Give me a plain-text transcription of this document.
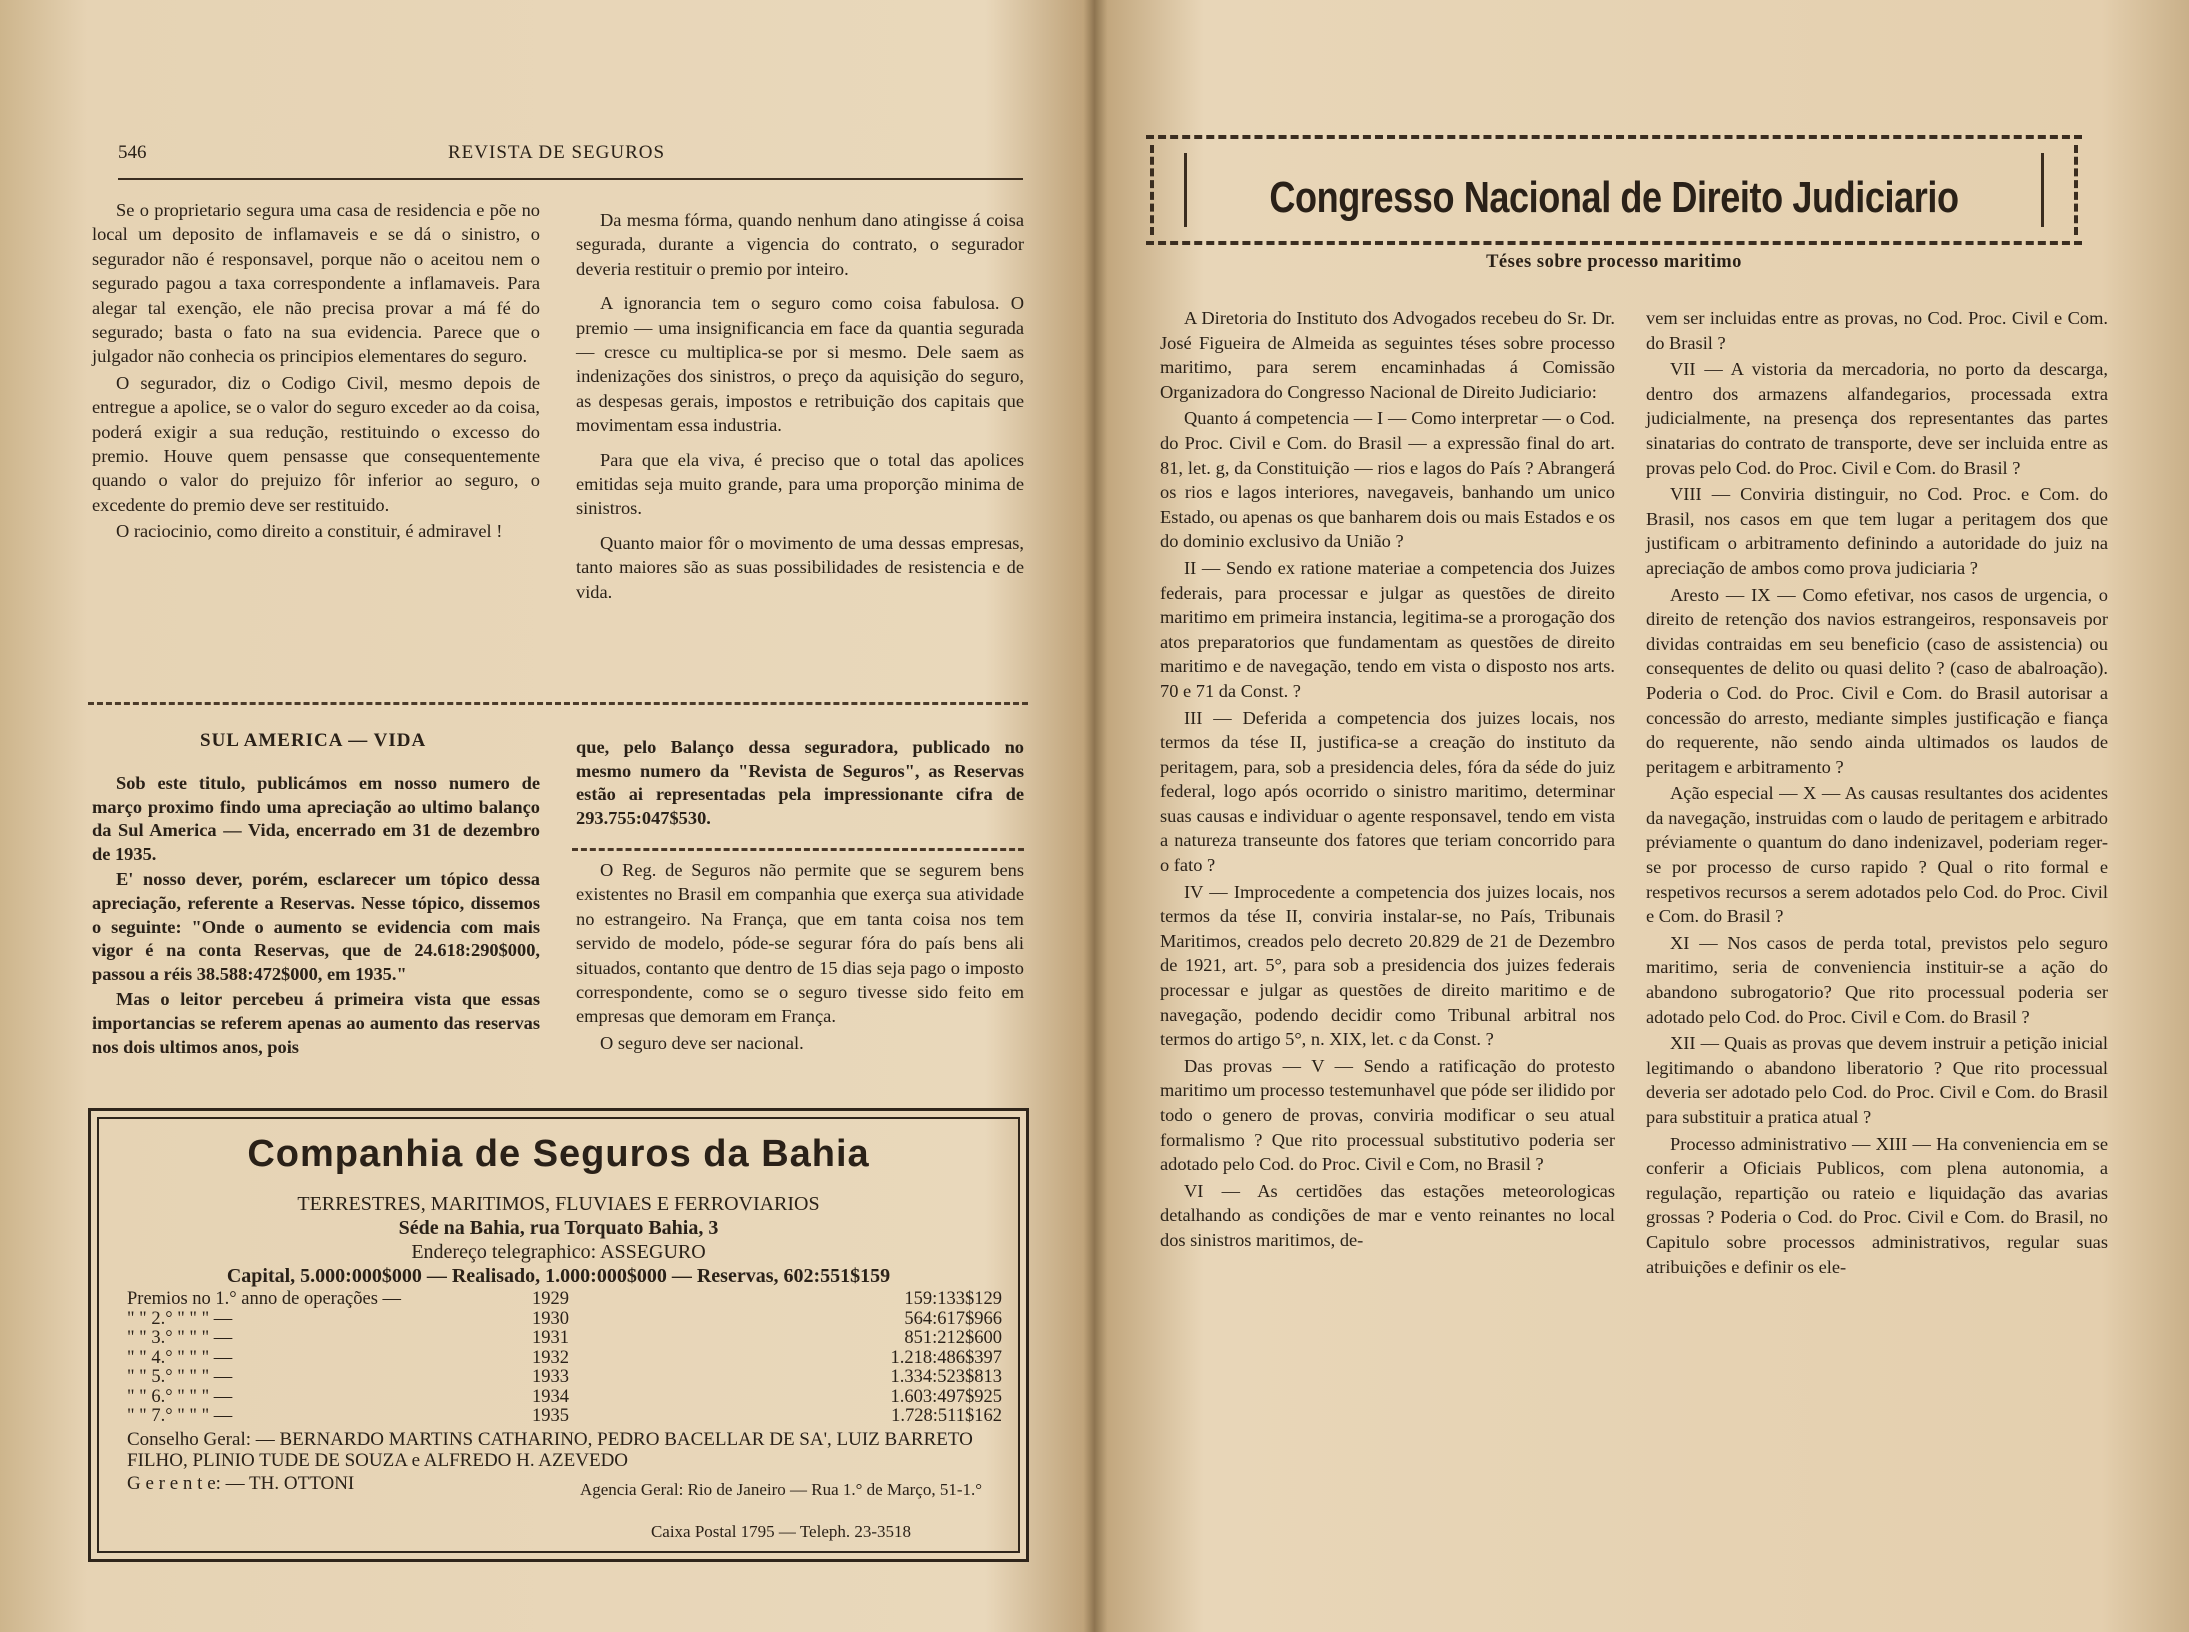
546	REVISTA DE SEGUROS

Se o proprietario segura uma casa de residencia e põe no local um deposito de inflamaveis e se dá o sinistro, o segurador não é responsavel, porque não o aceitou nem o segurado pagou a taxa correspondente a inflamaveis. Para alegar tal exenção, ele não precisa provar a má fé do segurado; basta o fato na sua evidencia. Parece que o julgador não conhecia os principios elementares do seguro.

O segurador, diz o Codigo Civil, mesmo depois de entregue a apolice, se o valor do seguro exceder ao da coisa, poderá exigir a sua redução, restituindo o excesso do premio. Houve quem pensasse que consequentemente quando o valor do prejuizo fôr inferior ao seguro, o excedente do premio deve ser restituido.

O raciocinio, como direito a constituir, é admiravel !

Da mesma fórma, quando nenhum dano atingisse á coisa segurada, durante a vigencia do contrato, o segurador deveria restituir o premio por inteiro.

A ignorancia tem o seguro como coisa fabulosa. O premio — uma insignificancia em face da quantia segurada — cresce cu multiplica-se por si mesmo. Dele saem as indenizações dos sinistros, o preço da aquisição do seguro, as despesas gerais, impostos e retribuição dos capitais que movimentam essa industria.

Para que ela viva, é preciso que o total das apolices emitidas seja muito grande, para uma proporção minima de sinistros.

Quanto maior fôr o movimento de uma dessas empresas, tanto maiores são as suas possibilidades de resistencia e de vida.

SUL AMERICA — VIDA

Sob este titulo, publicámos em nosso numero de março proximo findo uma apreciação ao ultimo balanço da Sul America — Vida, encerrado em 31 de dezembro de 1935.

E' nosso dever, porém, esclarecer um tópico dessa apreciação, referente a Reservas. Nesse tópico, dissemos o seguinte: "Onde o aumento se evidencia com mais vigor é na conta Reservas, que de 24.618:290$000, passou a réis 38.588:472$000, em 1935."

Mas o leitor percebeu á primeira vista que essas importancias se referem apenas ao aumento das reservas nos dois ultimos anos, pois

que, pelo Balanço dessa seguradora, publicado no mesmo numero da "Revista de Seguros", as Reservas estão ai representadas pela impressionante cifra de 293.755:047$530.

O Reg. de Seguros não permite que se segurem bens existentes no Brasil em companhia que exerça sua atividade no estrangeiro. Na França, que em tanta coisa nos tem servido de modelo, póde-se segurar fóra do país bens ali situados, contanto que dentro de 15 dias seja pago o imposto correspondente, como se o seguro tivesse sido feito em empresas que demoram em França.

O seguro deve ser nacional.

Companhia de Seguros da Bahia
TERRESTRES, MARITIMOS, FLUVIAES E FERROVIARIOS
Séde na Bahia, rua Torquato Bahia, 3
Endereço telegraphico: ASSEGURO
Capital, 5.000:000$000 — Realisado, 1.000:000$000 — Reservas, 602:551$159
Premios no 1.° anno de operações —	1929	159:133$129
" " 2.° " " " —	1930	564:617$966
" " 3.° " " " —	1931	851:212$600
" " 4.° " " " —	1932	1.218:486$397
" " 5.° " " " —	1933	1.334:523$813
" " 6.° " " " —	1934	1.603:497$925
" " 7.° " " " —	1935	1.728:511$162
Conselho Geral: — BERNARDO MARTINS CATHARINO, PEDRO BACELLAR DE SA', LUIZ BARRETO FILHO, PLINIO TUDE DE SOUZA e ALFREDO H. AZEVEDO
G e r e n t e: — TH. OTTONI	Agencia Geral: Rio de Janeiro — Rua 1.° de Março, 51-1.°
Caixa Postal 1795 — Teleph. 23-3518
Congresso Nacional de Direito Judiciario
Téses sobre processo maritimo

A Diretoria do Instituto dos Advogados recebeu do Sr. Dr. José Figueira de Almeida as seguintes téses sobre processo maritimo, para serem encaminhadas á Comissão Organizadora do Congresso Nacional de Direito Judiciario:

Quanto á competencia — I — Como interpretar — o Cod. do Proc. Civil e Com. do Brasil — a expressão final do art. 81, let. g, da Constituição — rios e lagos do País ? Abrangerá os rios e lagos interiores, navegaveis, banhando um unico Estado, ou apenas os que banharem dois ou mais Estados e os do dominio exclusivo da União ?

II — Sendo ex ratione materiae a competencia dos Juizes federais, para processar e julgar as questões de direito maritimo em primeira instancia, legitima-se a prorogação dos atos preparatorios que fundamentam as questões de direito maritimo e de navegação, tendo em vista o disposto nos arts. 70 e 71 da Const. ?

III — Deferida a competencia dos juizes locais, nos termos da tése II, justifica-se a creação do instituto da peritagem, para, sob a presidencia deles, fóra da séde do juiz federal, logo após ocorrido o sinistro maritimo, determinar suas causas e individuar o agente responsavel, tendo em vista a natureza transeunte dos fatores que teriam concorrido para o fato ?

IV — Improcedente a competencia dos juizes locais, nos termos da tése II, conviria instalar-se, no País, Tribunais Maritimos, creados pelo decreto 20.829 de 21 de Dezembro de 1921, art. 5°, para sob a presidencia dos juizes federais processar e julgar as questões de direito maritimo e de navegação, podendo decidir como Tribunal arbitral nos termos do artigo 5°, n. XIX, let. c da Const. ?

Das provas — V — Sendo a ratificação do protesto maritimo um processo testemunhavel que póde ser ilidido por todo o genero de provas, conviria modificar o seu atual formalismo ? Que rito processual substitutivo poderia ser adotado pelo Cod. do Proc. Civil e Com, no Brasil ?

VI — As certidões das estações meteorologicas detalhando as condições de mar e vento reinantes no local dos sinistros maritimos, de-

vem ser incluidas entre as provas, no Cod. Proc. Civil e Com. do Brasil ?

VII — A vistoria da mercadoria, no porto da descarga, dentro dos armazens alfandegarios, processada extra judicialmente, na presença dos representantes das partes sinatarias do contrato de transporte, deve ser incluida entre as provas pelo Cod. do Proc. Civil e Com. do Brasil ?

VIII — Conviria distinguir, no Cod. Proc. e Com. do Brasil, nos casos em que tem lugar a peritagem dos que justificam o arbitramento definindo a autoridade do juiz na apreciação de ambos como prova judiciaria ?

Aresto — IX — Como efetivar, nos casos de urgencia, o direito de retenção dos navios estrangeiros, responsaveis por dividas contraidas em seu beneficio (caso de assistencia) ou consequentes de delito ou quasi delito ? (caso de abalroação). Poderia o Cod. do Proc. Civil e Com. do Brasil autorisar a concessão do arresto, mediante simples justificação e fiança do requerente, não sendo ainda ultimados os laudos de peritagem e arbitramento ?

Ação especial — X — As causas resultantes dos acidentes da navegação, instruidas com o laudo de peritagem e arbitrado préviamente o quantum do dano indenizavel, poderiam reger-se por processo de curso rapido ? Qual o rito formal e respetivos recursos a serem adotados pelo Cod. do Proc. Civil e Com. do Brasil ?

XI — Nos casos de perda total, previstos pelo seguro maritimo, seria de conveniencia instituir-se a ação do abandono subrogatorio? Que rito processual poderia ser adotado pelo Cod. do Proc. Civil e Com. do Brasil ?

XII — Quais as provas que devem instruir a petição inicial legitimando o abandono liberatorio ? Que rito processual deveria ser adotado pelo Cod. do Proc. Civil e Com. do Brasil para substituir a pratica atual ?

Processo administrativo — XIII — Ha conveniencia em se conferir a Oficiais Publicos, com plena autonomia, a regulação, repartição ou rateio e liquidação das avarias grossas ? Poderia o Cod. do Proc. Civil e Com. do Brasil, no Capitulo sobre processos administrativos, regular suas atribuições e definir os ele-
